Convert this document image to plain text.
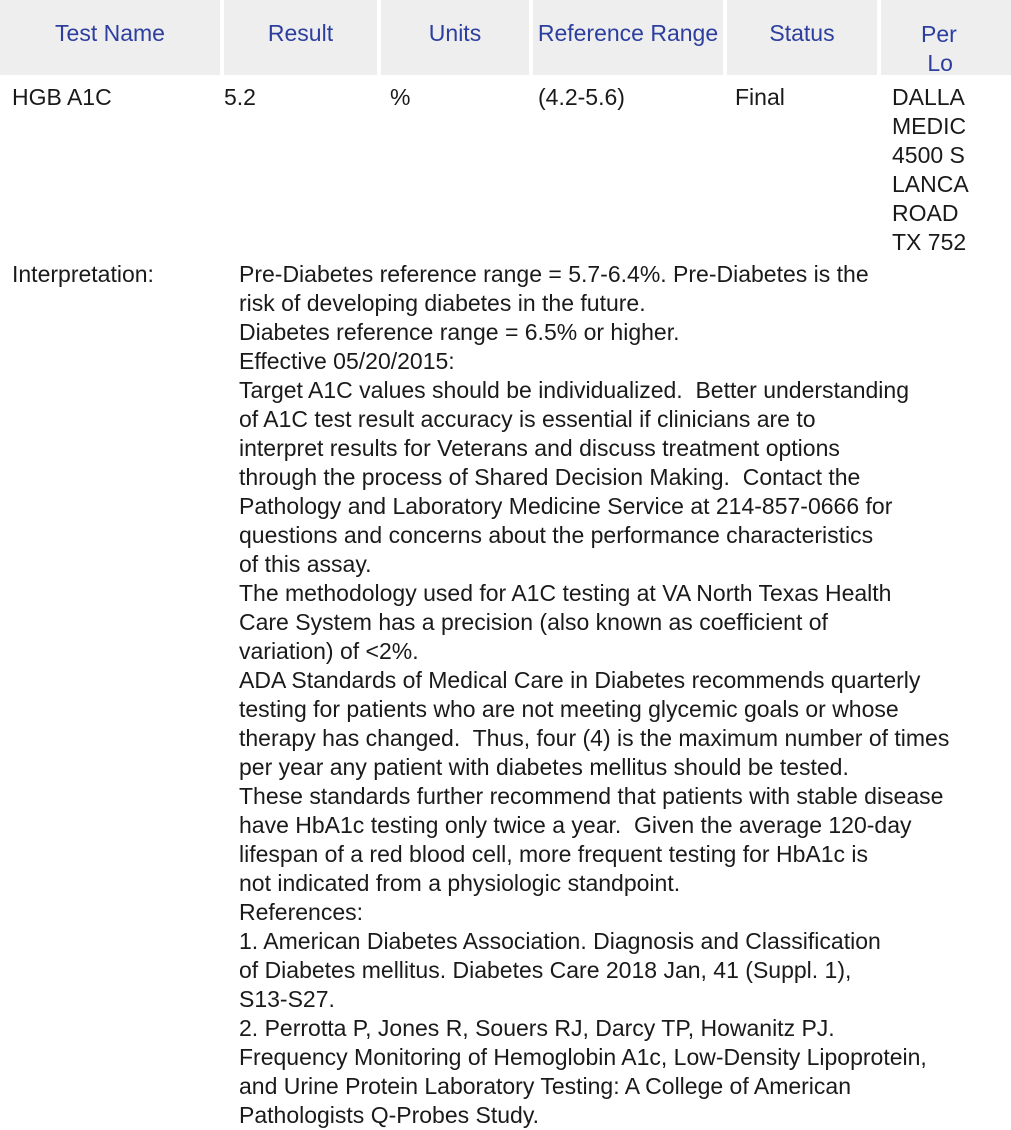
Test Name	Result	Units	Reference Range	Status	Per
Lo
HGB A1C	5.2	%	(4.2-5.6)	Final	DALLA
MEDIC
4500 S
LANCA
ROAD
TX 752
Interpretation:	Pre-Diabetes reference range = 5.7-6.4%. Pre-Diabetes is the
risk of developing diabetes in the future.
Diabetes reference range = 6.5% or higher.
Effective 05/20/2015:
Target A1C values should be individualized.  Better understanding
of A1C test result accuracy is essential if clinicians are to
interpret results for Veterans and discuss treatment options
through the process of Shared Decision Making.  Contact the
Pathology and Laboratory Medicine Service at 214-857-0666 for
questions and concerns about the performance characteristics
of this assay.
The methodology used for A1C testing at VA North Texas Health
Care System has a precision (also known as coefficient of
variation) of <2%.
ADA Standards of Medical Care in Diabetes recommends quarterly
testing for patients who are not meeting glycemic goals or whose
therapy has changed.  Thus, four (4) is the maximum number of times
per year any patient with diabetes mellitus should be tested.
These standards further recommend that patients with stable disease
have HbA1c testing only twice a year.  Given the average 120-day
lifespan of a red blood cell, more frequent testing for HbA1c is
not indicated from a physiologic standpoint.
References:
1. American Diabetes Association. Diagnosis and Classification
of Diabetes mellitus. Diabetes Care 2018 Jan, 41 (Suppl. 1),
S13-S27.
2. Perrotta P, Jones R, Souers RJ, Darcy TP, Howanitz PJ.
Frequency Monitoring of Hemoglobin A1c, Low-Density Lipoprotein,
and Urine Protein Laboratory Testing: A College of American
Pathologists Q-Probes Study.
